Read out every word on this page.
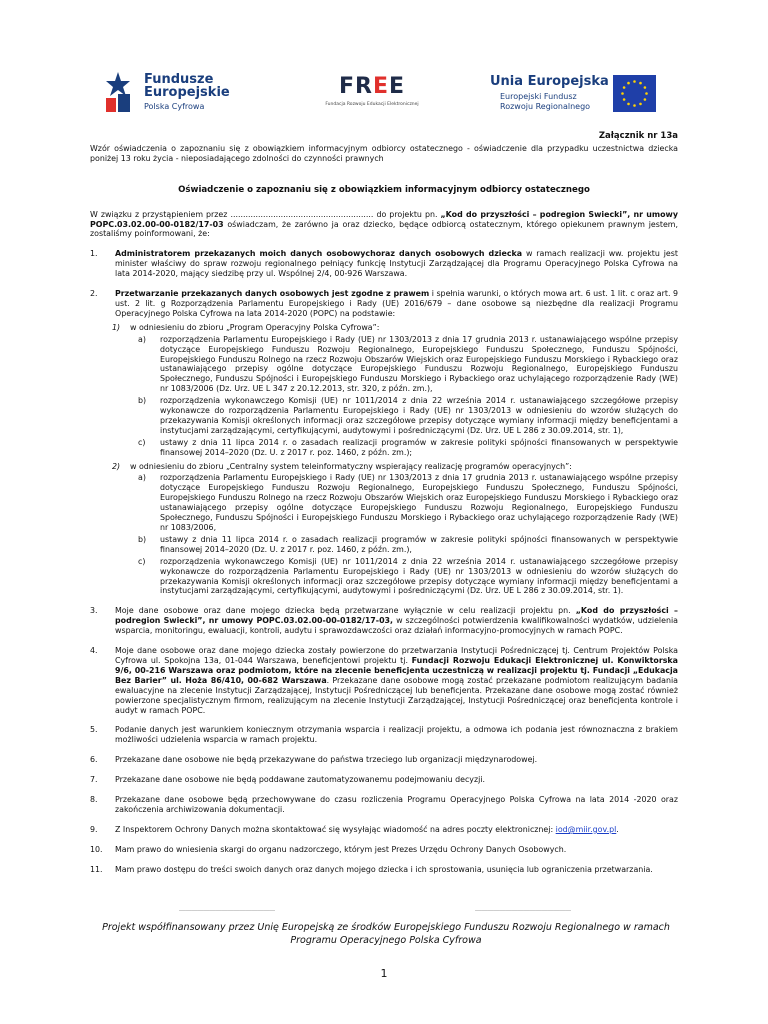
Fundusze
Europejskie
Polska Cyfrowa
FREE
Fundacja Rozwoju Edukacji Elektronicznej
Unia Europejska
Europejski Fundusz
Rozwoju Regionalnego
Załącznik nr 13a
Wzór oświadczenia o zapoznaniu się z obowiązkiem informacyjnym odbiorcy ostatecznego - oświadczenie dla przypadku uczestnictwa dziecka poniżej 13 roku życia - nieposiadającego zdolności do czynności prawnych
Oświadczenie o zapoznaniu się z obowiązkiem informacyjnym odbiorcy ostatecznego
W związku z przystąpieniem przez ......................................................... do projektu pn. „Kod do przyszłości – podregion Swiecki”, nr umowy POPC.03.02.00-00-0182/17-03 oświadczam, że zarówno ja oraz dziecko, będące odbiorcą ostatecznym, którego opiekunem prawnym jestem, zostaliśmy poinformowani, że:
1. Administratorem przekazanych moich danych osobowychoraz danych osobowych dziecka w ramach realizacji ww. projektu jest minister właściwy do spraw rozwoju regionalnego pełniący funkcję Instytucji Zarządzającej dla Programu Operacyjnego Polska Cyfrowa na lata 2014-2020, mający siedzibę przy ul. Wspólnej 2/4, 00-926 Warszawa.
2. Przetwarzanie przekazanych danych osobowych jest zgodne z prawem i spełnia warunki, o których mowa art. 6 ust. 1 lit. c oraz art. 9 ust. 2 lit. g Rozporządzenia Parlamentu Europejskiego i Rady (UE) 2016/679 – dane osobowe są niezbędne dla realizacji Programu Operacyjnego Polska Cyfrowa na lata 2014-2020 (POPC) na podstawie:
1)	w odniesieniu do zbioru „Program Operacyjny Polska Cyfrowa”:
a) rozporządzenia Parlamentu Europejskiego i Rady (UE) nr 1303/2013 z dnia 17 grudnia 2013 r. ustanawiającego wspólne przepisy dotyczące Europejskiego Funduszu Rozwoju Regionalnego, Europejskiego Funduszu Społecznego, Funduszu Spójności, Europejskiego Funduszu Rolnego na rzecz Rozwoju Obszarów Wiejskich oraz Europejskiego Funduszu Morskiego i Rybackiego oraz ustanawiającego przepisy ogólne dotyczące Europejskiego Funduszu Rozwoju Regionalnego, Europejskiego Funduszu Społecznego, Funduszu Spójności i Europejskiego Funduszu Morskiego i Rybackiego oraz uchylającego rozporządzenie Rady (WE) nr 1083/2006 (Dz. Urz. UE L 347 z 20.12.2013, str. 320, z późn. zm.),
b) rozporządzenia wykonawczego Komisji (UE) nr 1011/2014 z dnia 22 września 2014 r. ustanawiającego szczegółowe przepisy wykonawcze do rozporządzenia Parlamentu Europejskiego i Rady (UE) nr 1303/2013 w odniesieniu do wzorów służących do przekazywania Komisji określonych informacji oraz szczegółowe przepisy dotyczące wymiany informacji między beneficjentami a instytucjami zarządzającymi, certyfikującymi, audytowymi i pośredniczącymi (Dz. Urz. UE L 286 z 30.09.2014, str. 1),
c) ustawy z dnia 11 lipca 2014 r. o zasadach realizacji programów w zakresie polityki spójności finansowanych w perspektywie finansowej 2014–2020 (Dz. U. z 2017 r. poz. 1460, z późn. zm.);
2)	w odniesieniu do zbioru „Centralny system teleinformatyczny wspierający realizację programów operacyjnych”:
a) rozporządzenia Parlamentu Europejskiego i Rady (UE) nr 1303/2013 z dnia 17 grudnia 2013 r. ustanawiającego wspólne przepisy dotyczące Europejskiego Funduszu Rozwoju Regionalnego, Europejskiego Funduszu Społecznego, Funduszu Spójności, Europejskiego Funduszu Rolnego na rzecz Rozwoju Obszarów Wiejskich oraz Europejskiego Funduszu Morskiego i Rybackiego oraz ustanawiającego przepisy ogólne dotyczące Europejskiego Funduszu Rozwoju Regionalnego, Europejskiego Funduszu Społecznego, Funduszu Spójności i Europejskiego Funduszu Morskiego i Rybackiego oraz uchylającego rozporządzenie Rady (WE) nr 1083/2006,
b) ustawy z dnia 11 lipca 2014 r. o zasadach realizacji programów w zakresie polityki spójności finansowanych w perspektywie finansowej 2014–2020 (Dz. U. z 2017 r. poz. 1460, z późn. zm.),
c) rozporządzenia wykonawczego Komisji (UE) nr 1011/2014 z dnia 22 września 2014 r. ustanawiającego szczegółowe przepisy wykonawcze do rozporządzenia Parlamentu Europejskiego i Rady (UE) nr 1303/2013 w odniesieniu do wzorów służących do przekazywania Komisji określonych informacji oraz szczegółowe przepisy dotyczące wymiany informacji między beneficjentami a instytucjami zarządzającymi, certyfikującymi, audytowymi i pośredniczącymi (Dz. Urz. UE L 286 z 30.09.2014, str. 1).
3. Moje dane osobowe oraz dane mojego dziecka będą przetwarzane wyłącznie w celu realizacji projektu pn. „Kod do przyszłości – podregion Swiecki”, nr umowy POPC.03.02.00-00-0182/17-03, w szczególności potwierdzenia kwalifikowalności wydatków, udzielenia wsparcia, monitoringu, ewaluacji, kontroli, audytu i sprawozdawczości oraz działań informacyjno-promocyjnych w ramach POPC.
4. Moje dane osobowe oraz dane mojego dziecka zostały powierzone do przetwarzania Instytucji Pośredniczącej tj. Centrum Projektów Polska Cyfrowa ul. Spokojna 13a, 01-044 Warszawa, beneficjentowi projektu tj. Fundacji Rozwoju Edukacji Elektronicznej ul. Konwiktorska 9/6, 00-216 Warszawa oraz podmiotom, które na zlecenie beneficjenta uczestniczą w realizacji projektu tj. Fundacji „Edukacja Bez Barier” ul. Hoża 86/410, 00-682 Warszawa. Przekazane dane osobowe mogą zostać przekazane podmiotom realizującym badania ewaluacyjne na zlecenie Instytucji Zarządzającej, Instytucji Pośredniczącej lub beneficjenta. Przekazane dane osobowe mogą zostać również powierzone specjalistycznym firmom, realizującym na zlecenie Instytucji Zarządzającej, Instytucji Pośredniczącej oraz beneficjenta kontrole i audyt w ramach POPC.
5. Podanie danych jest warunkiem koniecznym otrzymania wsparcia i realizacji projektu, a odmowa ich podania jest równoznaczna z brakiem możliwości udzielenia wsparcia w ramach projektu.
6. Przekazane dane osobowe nie będą przekazywane do państwa trzeciego lub organizacji międzynarodowej.
7. Przekazane dane osobowe nie będą poddawane zautomatyzowanemu podejmowaniu decyzji.
8. Przekazane dane osobowe będą przechowywane do czasu rozliczenia Programu Operacyjnego Polska Cyfrowa na lata 2014 -2020 oraz zakończenia archiwizowania dokumentacji.
9. Z Inspektorem Ochrony Danych można skontaktować się wysyłając wiadomość na adres poczty elektronicznej: iod@miir.gov.pl.
10. Mam prawo do wniesienia skargi do organu nadzorczego, którym jest Prezes Urzędu Ochrony Danych Osobowych.
11. Mam prawo dostępu do treści swoich danych oraz danych mojego dziecka i ich sprostowania, usunięcia lub ograniczenia przetwarzania.
…………………………………………	…………………………………………
Projekt współfinansowany przez Unię Europejską ze środków Europejskiego Funduszu Rozwoju Regionalnego w ramach Programu Operacyjnego Polska Cyfrowa
1
